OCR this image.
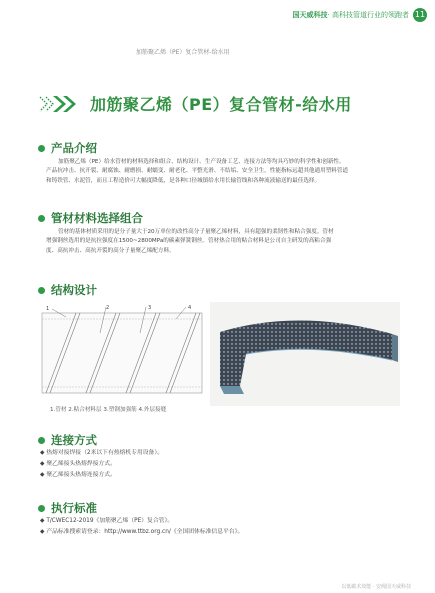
11
国天威科技· 高科技管道行业的领跑者
加筋聚乙烯（PE）复合管材-给水用
加筋聚乙烯（PE）复合管材-给水用
产品介绍
加筋聚乙烯（PE）给水管材的材料选择和组合、结构设计、生产设备工艺、连接方法等均具巧妙的科学性和创新性。
产品抗冲击、抗开裂、耐腐蚀、耐磨损、耐蠕变、耐老化、平整光滑、不结垢、安全卫生，性能指标远超其他通用塑料管道
和铸铁管、水泥管，而且工程造价可大幅度降低，是各种口径城镇给水用长输管线和各种流液输送的最佳选择。
管材材料选择组合
管材的基体材质采用的是分子量大于20万单位的改性高分子量聚乙烯材料，具有超强的柔韧性和粘合强度。管材
增强钢丝选用的是抗拉强度在1500~2800MPa的碳素弹簧钢丝。管材热合用的粘合材料是公司自主研发的高粘合强
度、高抗冲击、高抗开裂的高分子量聚乙烯配方料。
结构设计
1	2	3	4
1.管材 2.粘合材料层 3.塑钢加强筋 4.外层接缝
连接方式
◆ 热熔对接焊接（2米以下有热熔机专用设备）。
◆ 聚乙烯接头热熔焊接方式。
◆ 聚乙烯接头热熔连接方式。
执行标准
◆ T/CWEC12-2019《加筋聚乙烯（PE）复合管》。
◆ 产品标准搜索请登录：http://www.ttbz.org.cn/《全国团体标准信息平台》。
以低碳术效能 · 安阀国天威科技
